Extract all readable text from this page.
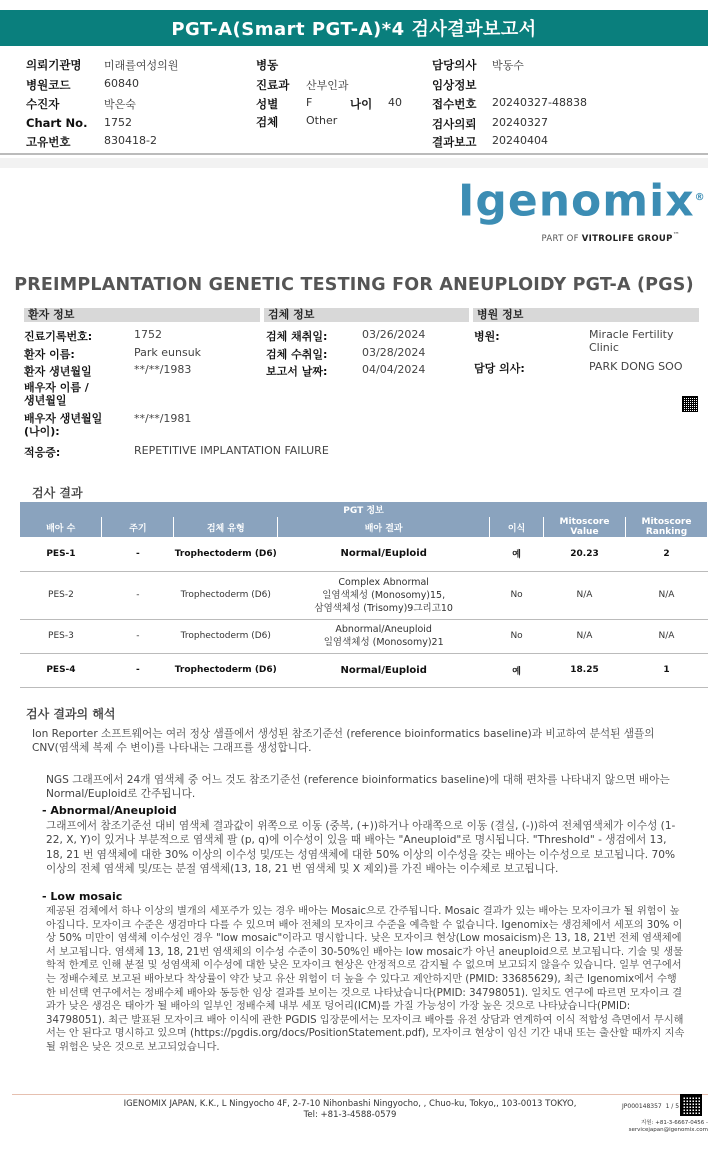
PGT-A(Smart PGT-A)*4 검사결과보고서
의뢰기관명 미래를여성의원	병동	담당의사 박동수
병원코드	60840	진료과 산부인과	임상정보
수진자	박은숙	성별	F	나이 40	접수번호 20240327-48838
Chart No. 1752	검체	Other	검사의뢰 20240327
고유번호	830418-2	결과보고 20240404
Igenomix®
PART OF VITROLIFE GROUP™
PREIMPLANTATION GENETIC TESTING FOR ANEUPLOIDY PGT-A (PGS)
환자 정보	검체 정보	병원 정보
진료기록번호:	1752
환자 이름:	Park eunsuk
환자 생년월일	**/**/1983
배우자 이름 /
생년월일
배우자 생년월일
(나이):
**/**/1981
적응증:	REPETITIVE IMPLANTATION FAILURE
검체 채취일:	03/26/2024
검체 수취일:	03/28/2024
보고서 날짜:	04/04/2024
병원:	Miracle Fertility
Clinic
담당 의사:	PARK DONG SOO
검사 결과
PGT 정보						
배아 수	주기	검체 유형	배아 결과	이식	Mitoscore Value	Mitoscore Ranking
PES-1	-	Trophectoderm (D6)	Normal/Euploid	예	20.23	2
PES-2	-	Trophectoderm (D6)	Complex Abnormal
일염색체성 (Monosomy)15,
삼염색체성 (Trisomy)9그리고10	No	N/A	N/A
PES-3	-	Trophectoderm (D6)	Abnormal/Aneuploid
일염색체성 (Monosomy)21	No	N/A	N/A
PES-4	-	Trophectoderm (D6)	Normal/Euploid	예	18.25	1
검사 결과의 해석
Ion Reporter 소프트웨어는 여러 정상 샘플에서 생성된 참조기준선 (reference bioinformatics baseline)과 비교하여 분석된 샘플의 CNV(염색체 복제 수 변이)를 나타내는 그래프를 생성합니다.
NGS 그래프에서 24개 염색체 중 어느 것도 참조기준선 (reference bioinformatics baseline)에 대해 편차를 나타내지 않으면 배아는 Normal/Euploid로 간주됩니다.
- Abnormal/Aneuploid
그래프에서 참조기준선 대비 염색체 결과값이 위쪽으로 이동 (중복, (+))하거나 아래쪽으로 이동 (결실, (-))하여 전체염색체가 이수성 (1-22, X, Y)이 있거나 부분적으로 염색체 팔 (p, q)에 이수성이 있을 때 배아는 "Aneuploid"로 명시됩니다. "Threshold" - 생검에서 13, 18, 21 번 염색체에 대한 30% 이상의 이수성 및/또는 성염색체에 대한 50% 이상의 이수성을 갖는 배아는 이수성으로 보고됩니다. 70% 이상의 전체 염색체 및/또는 분절 염색체(13, 18, 21 번 염색체 및 X 제외)를 가진 배아는 이수체로 보고됩니다.
- Low mosaic
제공된 검체에서 하나 이상의 별개의 세포주가 있는 경우 배아는 Mosaic으로 간주됩니다. Mosaic 결과가 있는 배아는 모자이크가 될 위험이 높아집니다. 모자이크 수준은 생검마다 다를 수 있으며 배아 전체의 모자이크 수준을 예측할 수 없습니다. Igenomix는 생검체에서 세포의 30% 이상 50% 미만이 염색체 이수성인 경우 "low mosaic"이라고 명시합니다. 낮은 모자이크 현상(Low mosaicism)은 13, 18, 21번 전체 염색체에서 보고됩니다. 염색체 13, 18, 21번 염색체의 이수성 수준이 30-50%인 배아는 low mosaic가 아닌 aneuploid으로 보고됩니다. 기술 및 생물학적 한계로 인해 분절 및 성염색체 이수성에 대한 낮은 모자이크 현상은 안정적으로 감지될 수 없으며 보고되지 않을수 있습니다. 일부 연구에서는 정배수체로 보고된 배아보다 착상률이 약간 낮고 유산 위험이 더 높을 수 있다고 제안하지만 (PMID: 33685629), 최근 Igenomix에서 수행한 비선택 연구에서는 정배수체 배아와 동등한 임상 결과를 보이는 것으로 나타났습니다(PMID: 34798051). 일치도 연구에 따르면 모자이크 결과가 낮은 생검은 태아가 될 배아의 일부인 정배수체 내부 세포 덩어리(ICM)를 가질 가능성이 가장 높은 것으로 나타났습니다(PMID: 34798051). 최근 발표된 모자이크 배아 이식에 관한 PGDIS 입장문에서는 모자이크 배아를 유전 상담과 연계하여 이식 적합성 측면에서 무시해서는 안 된다고 명시하고 있으며 (https://pgdis.org/docs/PositionStatement.pdf), 모자이크 현상이 임신 기간 내내 또는 출산할 때까지 지속될 위험은 낮은 것으로 보고되었습니다.
IGENOMIX JAPAN, K.K., L Ningyocho 4F, 2-7-10 Nihonbashi Ningyocho, , Chuo-ku, Tokyo,, 103-0013 TOKYO, Tel: +81-3-4588-0579
JP000148357 1 / 5
지원: +81-3-6667-0456 -
servicejapan@igenomix.com
